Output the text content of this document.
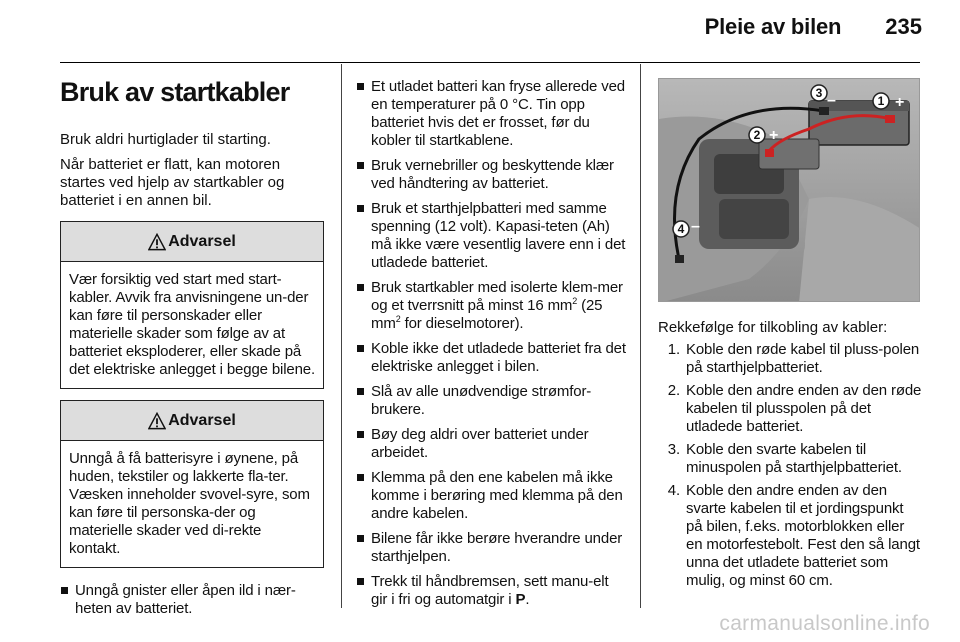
Pleie av bilen 235
Bruk av startkabler

Bruk aldri hurtiglader til starting.

Når batteriet er flatt, kan motoren startes ved hjelp av startkabler og batteriet i en annen bil.

Advarsel
Vær forsiktig ved start med start-kabler. Avvik fra anvisningene un-der kan føre til personskader eller materielle skader som følge av at batteriet eksploderer, eller skade på det elektriske anlegget i begge bilene.
Advarsel
Unngå å få batterisyre i øynene, på huden, tekstiler og lakkerte fla-ter. Væsken inneholder svovel-syre, som kan føre til personska-der og materielle skader ved di-rekte kontakt.
Unngå gnister eller åpen ild i nær-heten av batteriet.
Et utladet batteri kan fryse allerede ved en temperaturer på 0 °C. Tin opp batteriet hvis det er frosset, før du kobler til startkablene.
Bruk vernebriller og beskyttende klær ved håndtering av batteriet.
Bruk et starthjelpbatteri med samme spenning (12 volt). Kapasi-teten (Ah) må ikke være vesentlig lavere enn i det utladede batteriet.
Bruk startkabler med isolerte klem-mer og et tverrsnitt på minst 16 $mm^2$ (25 $mm^2$ for dieselmotorer).
Koble ikke det utladede batteriet fra det elektriske anlegget i bilen.
Slå av alle unødvendige strømfor-brukere.
Bøy deg aldri over batteriet under arbeidet.
Klemma på den ene kabelen må ikke komme i berøring med klemma på den andre kabelen.
Bilene får ikke berøre hverandre under starthjelpen.
Trekk til håndbremsen, sett manu-elt gir i fri og automatgir i P.
1 +
2 +
3 –
4 –

Rekkefølge for tilkobling av kabler:

1. Koble den røde kabel til pluss-polen på starthjelpbatteriet.
2. Koble den andre enden av den røde kabelen til plusspolen på det utladede batteriet.
3. Koble den svarte kabelen til minuspolen på starthjelpbatteriet.
4. Koble den andre enden av den svarte kabelen til et jordingspunkt på bilen, f.eks. motorblokken eller en motorfestebolt. Fest den så langt unna det utladete batteriet som mulig, og minst 60 cm.
carmanualsonline.info
